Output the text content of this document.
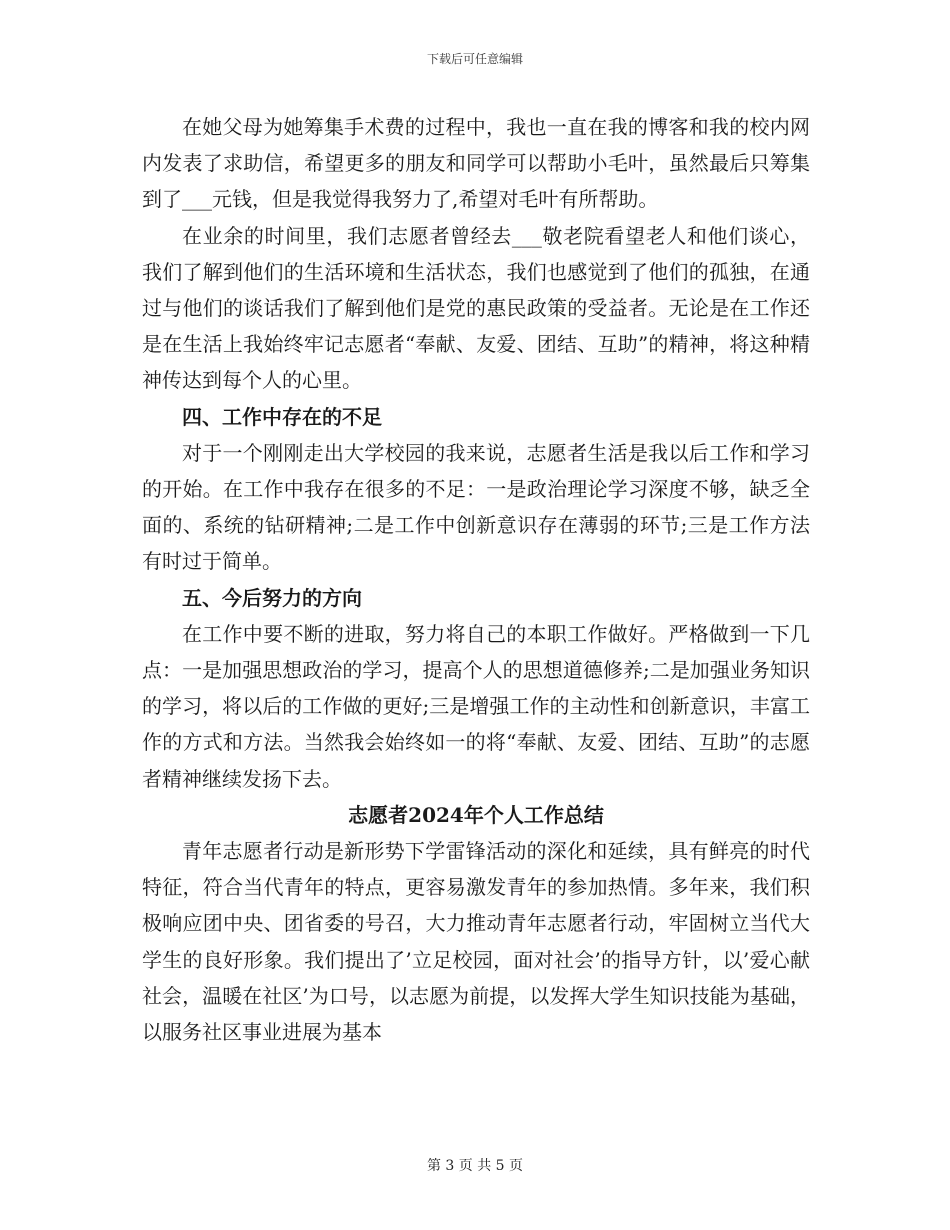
下载后可任意编辑

在她父母为她筹集手术费的过程中，我也一直在我的博客和我的校内网内发表了求助信，希望更多的朋友和同学可以帮助小毛叶，虽然最后只筹集到了___元钱，但是我觉得我努力了,希望对毛叶有所帮助。

在业余的时间里，我们志愿者曾经去___敬老院看望老人和他们谈心，我们了解到他们的生活环境和生活状态，我们也感觉到了他们的孤独，在通过与他们的谈话我们了解到他们是党的惠民政策的受益者。无论是在工作还是在生活上我始终牢记志愿者“奉献、友爱、团结、互助”的精神，将这种精神传达到每个人的心里。

四、工作中存在的不足

对于一个刚刚走出大学校园的我来说，志愿者生活是我以后工作和学习的开始。在工作中我存在很多的不足：一是政治理论学习深度不够，缺乏全面的、系统的钻研精神;二是工作中创新意识存在薄弱的环节;三是工作方法有时过于简单。

五、今后努力的方向

在工作中要不断的进取，努力将自己的本职工作做好。严格做到一下几点：一是加强思想政治的学习，提高个人的思想道德修养;二是加强业务知识的学习，将以后的工作做的更好;三是增强工作的主动性和创新意识，丰富工作的方式和方法。当然我会始终如一的将“奉献、友爱、团结、互助”的志愿者精神继续发扬下去。

志愿者2024年个人工作总结

青年志愿者行动是新形势下学雷锋活动的深化和延续，具有鲜亮的时代特征，符合当代青年的特点，更容易激发青年的参加热情。多年来，我们积极响应团中央、团省委的号召，大力推动青年志愿者行动，牢固树立当代大学生的良好形象。我们提出了’立足校园，面对社会’的指导方针，以’爱心献社会，温暖在社区’为口号，以志愿为前提，以发挥大学生知识技能为基础，以服务社区事业进展为基本

第 3 页 共 5 页
